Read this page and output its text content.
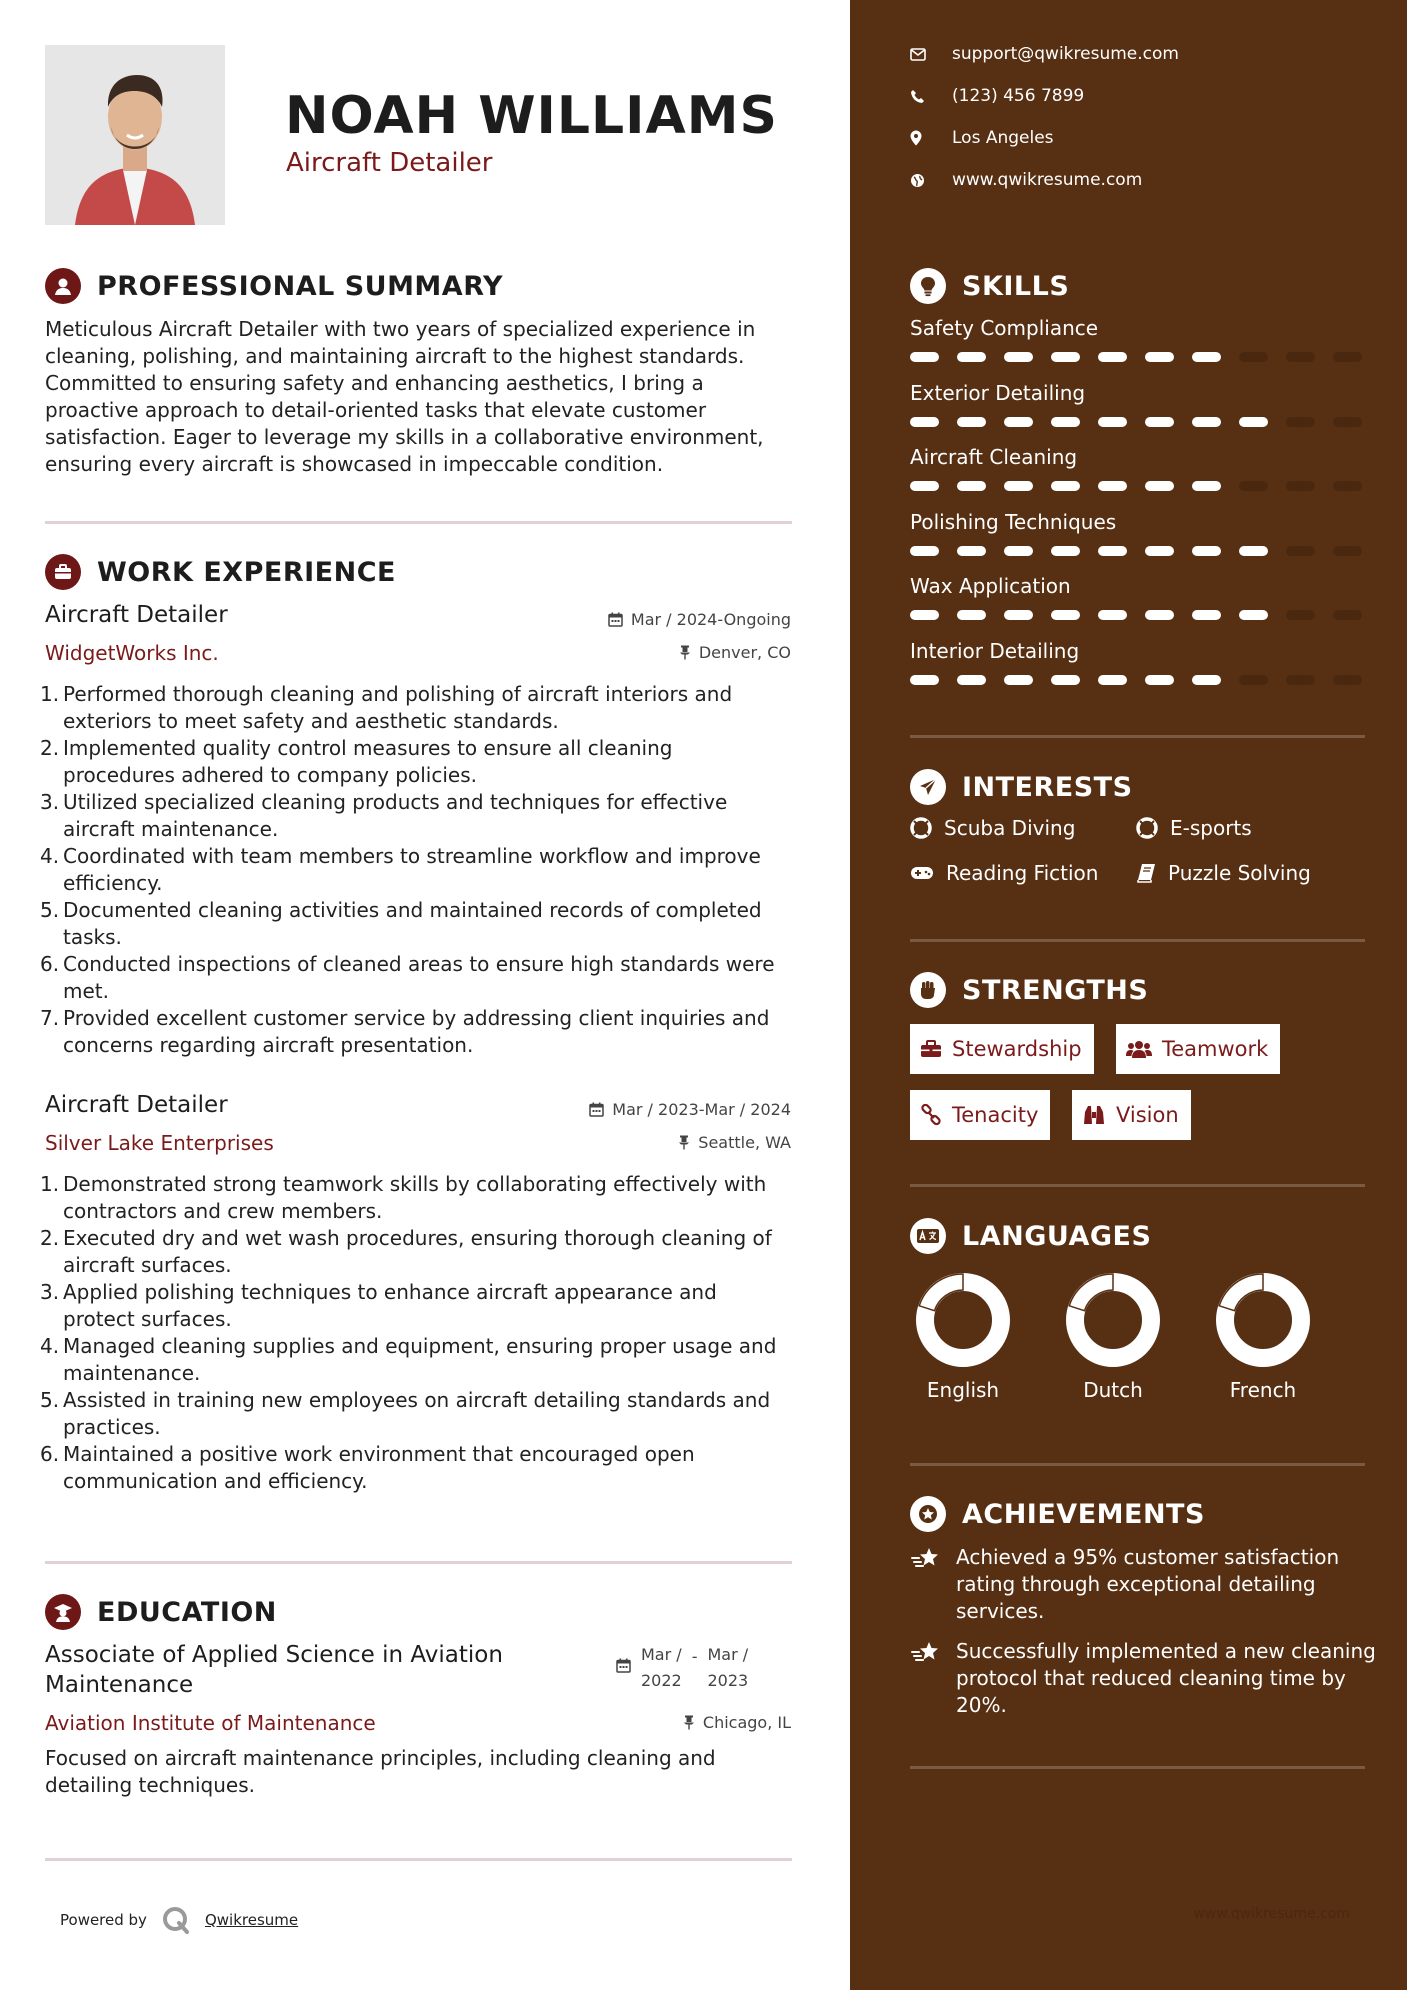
NOAH WILLIAMS
Aircraft Detailer
PROFESSIONAL SUMMARY
Meticulous Aircraft Detailer with two years of specialized experience in cleaning, polishing, and maintaining aircraft to the highest standards. Committed to ensuring safety and enhancing aesthetics, I bring a proactive approach to detail-oriented tasks that elevate customer satisfaction. Eager to leverage my skills in a collaborative environment, ensuring every aircraft is showcased in impeccable condition.
WORK EXPERIENCE
Aircraft Detailer	Mar / 2024-Ongoing
WidgetWorks Inc.	Denver, CO
1. Performed thorough cleaning and polishing of aircraft interiors and exteriors to meet safety and aesthetic standards.
2. Implemented quality control measures to ensure all cleaning procedures adhered to company policies.
3. Utilized specialized cleaning products and techniques for effective aircraft maintenance.
4. Coordinated with team members to streamline workflow and improve efficiency.
5. Documented cleaning activities and maintained records of completed tasks.
6. Conducted inspections of cleaned areas to ensure high standards were met.
7. Provided excellent customer service by addressing client inquiries and concerns regarding aircraft presentation.
Aircraft Detailer	Mar / 2023-Mar / 2024
Silver Lake Enterprises	Seattle, WA
1. Demonstrated strong teamwork skills by collaborating effectively with contractors and crew members.
2. Executed dry and wet wash procedures, ensuring thorough cleaning of aircraft surfaces.
3. Applied polishing techniques to enhance aircraft appearance and protect surfaces.
4. Managed cleaning supplies and equipment, ensuring proper usage and maintenance.
5. Assisted in training new employees on aircraft detailing standards and practices.
6. Maintained a positive work environment that encouraged open communication and efficiency.
EDUCATION
Associate of Applied Science in Aviation Maintenance
Mar /
2022
- Mar /
2023
Aviation Institute of Maintenance	Chicago, IL
Focused on aircraft maintenance principles, including cleaning and detailing techniques.
Powered by	Qwikresume
support@qwikresume.com
(123) 456 7899
Los Angeles
www.qwikresume.com
SKILLS
Safety Compliance
Exterior Detailing
Aircraft Cleaning
Polishing Techniques
Wax Application
Interior Detailing
INTERESTS
Scuba Diving	E-sports
Reading Fiction	Puzzle Solving
STRENGTHS
Stewardship	Teamwork
Tenacity	Vision
LANGUAGES
English	Dutch	French
ACHIEVEMENTS
Achieved a 95% customer satisfaction rating through exceptional detailing services.
Successfully implemented a new cleaning protocol that reduced cleaning time by 20%.
www.qwikresume.com
